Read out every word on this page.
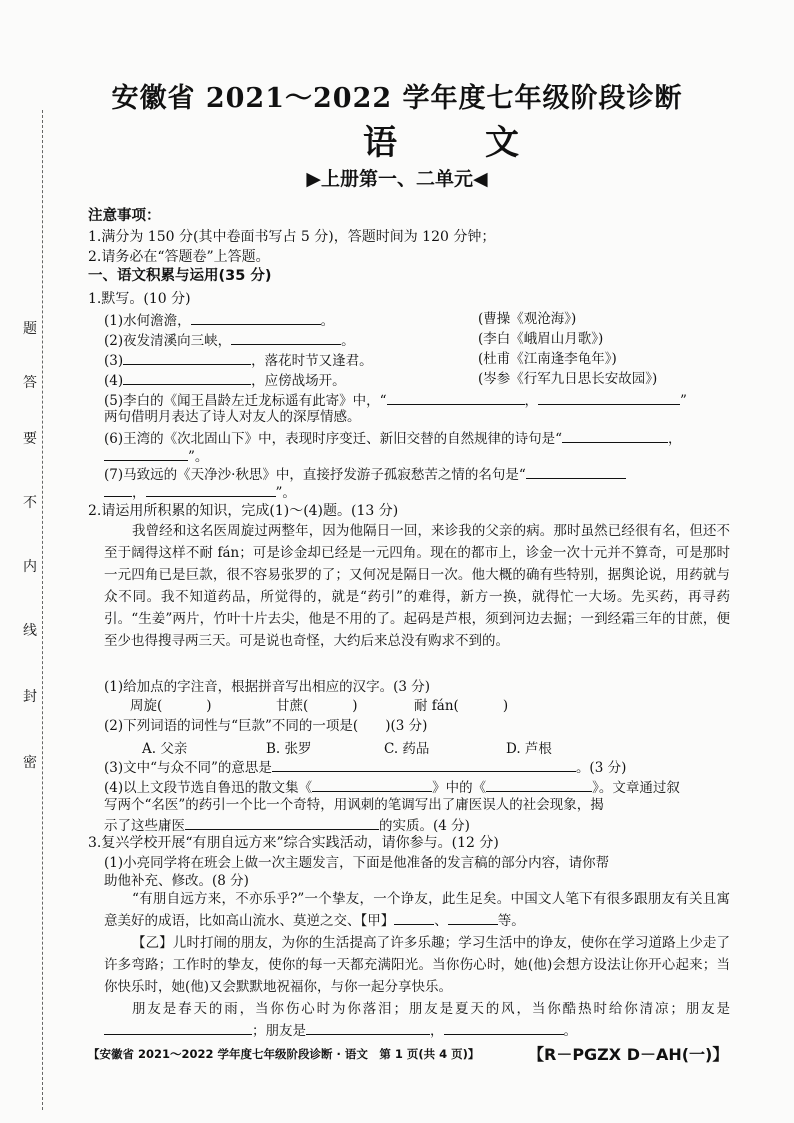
题
答
要
不
内
线
封
密
安徽省 2021～2022 学年度七年级阶段诊断
语文
▶上册第一、二单元◀
注意事项：
1.满分为 150 分(其中卷面书写占 5 分)，答题时间为 120 分钟；
2.请务必在“答题卷”上答题。
一、语文积累与运用(35 分)
1.默写。(10 分)
(1)水何澹澹，	。	(曹操《观沧海》)
(2)夜发清溪向三峡，	。	(李白《峨眉山月歌》)
(3)	，落花时节又逢君。	(杜甫《江南逢李龟年》)
(4)	，应傍战场开。	(岑参《行军九日思长安故园》)
(5)李白的《闻王昌龄左迁龙标遥有此寄》中，“	，	”
两句借明月表达了诗人对友人的深厚情感。
(6)王湾的《次北固山下》中，表现时序变迁、新旧交替的自然规律的诗句是“	，
”。
(7)马致远的《天净沙·秋思》中，直接抒发游子孤寂愁苦之情的名句是“
，	”。
2.请运用所积累的知识，完成(1)～(4)题。(13 分)
我曾经和这名医周旋过两整年，因为他隔日一回，来诊我的父亲的病。那时虽然已经很有名，但还不至于阔得这样不耐 fán；可是诊金却已经是一元四角。现在的都市上，诊金一次十元并不算奇，可是那时一元四角已是巨款，很不容易张罗的了；又何况是隔日一次。他大概的确有些特别，据舆论说，用药就与众不同。我不知道药品，所觉得的，就是“药引”的难得，新方一换，就得忙一大场。先买药，再寻药引。“生姜”两片，竹叶十片去尖，他是不用的了。起码是芦根，须到河边去掘；一到经霜三年的甘蔗，便至少也得搜寻两三天。可是说也奇怪，大约后来总没有购求不到的。
(1)给加点的字注音，根据拼音写出相应的汉字。(3 分)
周旋(	)	甘蔗(	)	耐 fán(	)
(2)下列词语的词性与“巨款”不同的一项是(　　)(3 分)
A. 父亲	B. 张罗	C. 药品	D. 芦根
(3)文中“与众不同”的意思是	。(3 分)
(4)以上文段节选自鲁迅的散文集《	》中的《	》。文章通过叙
写两个“名医”的药引一个比一个奇特，用讽刺的笔调写出了庸医误人的社会现象，揭
示了这些庸医	的实质。(4 分)
3.复兴学校开展“有朋自远方来”综合实践活动，请你参与。(12 分)
(1)小亮同学将在班会上做一次主题发言，下面是他准备的发言稿的部分内容，请你帮
助他补充、修改。(8 分)
“有朋自远方来，不亦乐乎?”一个挚友，一个诤友，此生足矣。中国文人笔下有很多跟朋友有关且寓意美好的成语，比如高山流水、莫逆之交、【甲】	、	等。
【乙】儿时打闹的朋友，为你的生活提高了许多乐趣；学习生活中的诤友，使你在学习道路上少走了许多弯路；工作时的挚友，使你的每一天都充满阳光。当你伤心时，她(他)会想方设法让你开心起来；当你快乐时，她(他)又会默默地祝福你，与你一起分享快乐。
朋友是春天的雨，当你伤心时为你落泪；朋友是夏天的风，当你酷热时给你清凉；朋友是；朋友是	，	。
【安徽省 2021～2022 学年度七年级阶段诊断 · 语文　第 1 页(共 4 页)】	【R－PGZX D－AH(一)】
